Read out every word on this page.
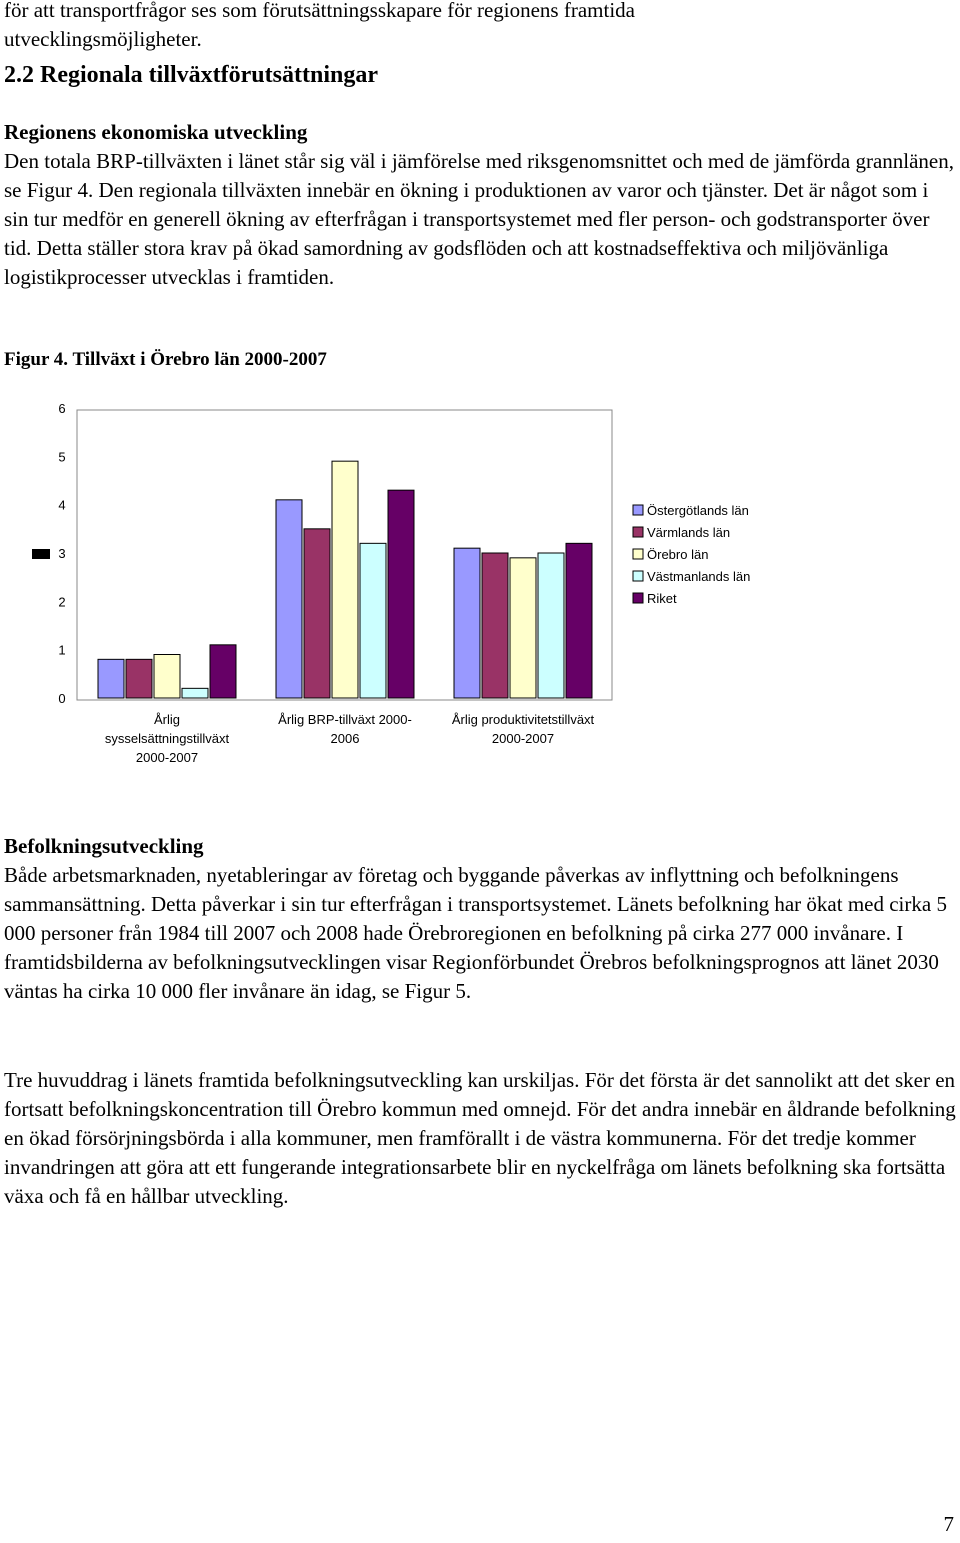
för att transportfrågor ses som förutsättningsskapare för regionens framtida
utvecklingsmöjligheter.

2.2 Regionala tillväxtförutsättningar
Regionens ekonomiska utveckling
Den totala BRP-tillväxten i länet står sig väl i jämförelse med riksgenomsnittet och med de jämförda grannlänen, se Figur 4. Den regionala tillväxten innebär en ökning i produktionen av varor och tjänster. Det är något som i sin tur medför en generell ökning av efterfrågan i transportsystemet med fler person- och godstransporter över tid. Detta ställer stora krav på ökad samordning av godsflöden och att kostnadseffektiva och miljövänliga logistikprocesser utvecklas i framtiden.

Figur 4. Tillväxt i Örebro län 2000-2007

0
1
2
3
4
5
6
Årlig
sysselsättningstillväxt
2000-2007
Årlig BRP-tillväxt 2000-
2006
Årlig produktivitetstillväxt
2000-2007
Östergötlands län
Värmlands län
Örebro län
Västmanlands län
Riket
Befolkningsutveckling
Både arbetsmarknaden, nyetableringar av företag och byggande påverkas av inflyttning och befolkningens sammansättning. Detta påverkar i sin tur efterfrågan i transportsystemet. Länets befolkning har ökat med cirka 5 000 personer från 1984 till 2007 och 2008 hade Örebroregionen en befolkning på cirka 277 000 invånare. I framtidsbilderna av befolkningsutvecklingen visar Regionförbundet Örebros befolkningsprognos att länet 2030 väntas ha cirka 10 000 fler invånare än idag, se Figur 5.

Tre huvuddrag i länets framtida befolkningsutveckling kan urskiljas. För det första är det sannolikt att det sker en fortsatt befolkningskoncentration till Örebro kommun med omnejd. För det andra innebär en åldrande befolkning en ökad försörjningsbörda i alla kommuner, men framförallt i de västra kommunerna. För det tredje kommer invandringen att göra att ett fungerande integrationsarbete blir en nyckelfråga om länets befolkning ska fortsätta växa och få en hållbar utveckling.

7
